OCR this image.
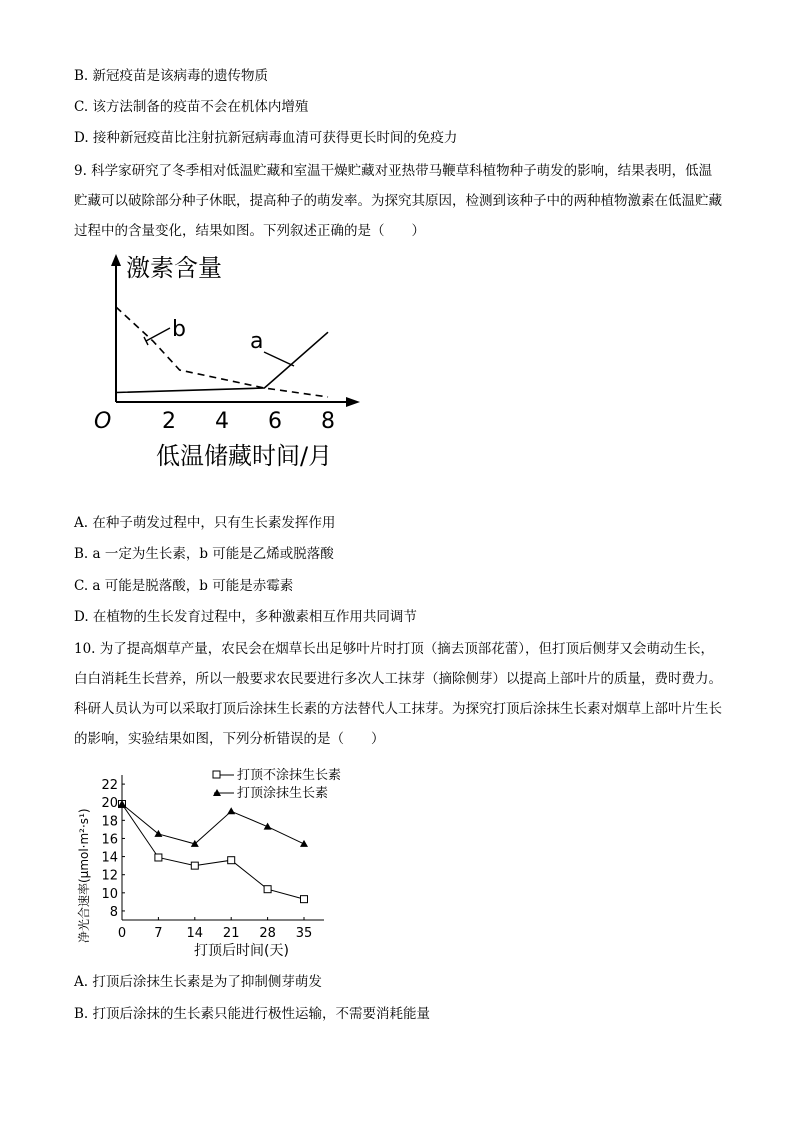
B. 新冠疫苗是该病毒的遗传物质
C. 该方法制备的疫苗不会在机体内增殖
D. 接种新冠疫苗比注射抗新冠病毒血清可获得更长时间的免疫力
9. 科学家研究了冬季相对低温贮藏和室温干燥贮藏对亚热带马鞭草科植物种子萌发的影响，结果表明，低温贮藏可以破除部分种子休眠，提高种子的萌发率。为探究其原因，检测到该种子中的两种植物激素在低温贮藏过程中的含量变化，结果如图。下列叙述正确的是（　　）
激素含量
低温储藏时间/月
O 2 4 6 8
a
b
A. 在种子萌发过程中，只有生长素发挥作用
B. a 一定为生长素，b 可能是乙烯或脱落酸
C. a 可能是脱落酸，b 可能是赤霉素
D. 在植物的生长发育过程中，多种激素相互作用共同调节
10. 为了提高烟草产量，农民会在烟草长出足够叶片时打顶（摘去顶部花蕾），但打顶后侧芽又会萌动生长，白白消耗生长营养，所以一般要求农民要进行多次人工抹芽（摘除侧芽）以提高上部叶片的质量，费时费力。科研人员认为可以采取打顶后涂抹生长素的方法替代人工抹芽。为探究打顶后涂抹生长素对烟草上部叶片生长的影响，实验结果如图，下列分析错误的是（　　）
净光合速率(μmol·m²·s¹)
打顶后时间(天)
8
10
12
14
16
18
20
22
0 7 14 21 28 35
打顶不涂抹生长素
打顶涂抹生长素
A. 打顶后涂抹生长素是为了抑制侧芽萌发
B. 打顶后涂抹的生长素只能进行极性运输，不需要消耗能量
